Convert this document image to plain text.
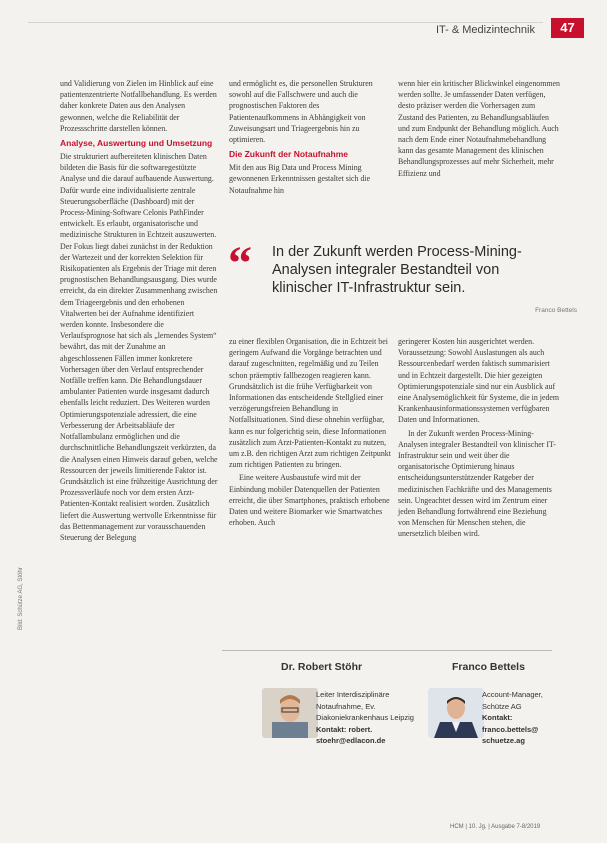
IT- & Medizintechnik	47

und Validierung von Zielen im Hinblick auf eine patientenzentrierte Notfallbehandlung. Es werden daher konkrete Daten aus den Analysen gewonnen, welche die Reliabilität der Prozessschritte darstellen können.

Analyse, Auswertung und Umsetzung

Die strukturiert aufbereiteten klinischen Daten bildeten die Basis für die softwaregestützte Analyse und die darauf aufbauende Auswertung. Dafür wurde eine individualisierte zentrale Steuerungsoberfläche (Dashboard) mit der Process-Mining-Software Celonis PathFinder entwickelt. Es erlaubt, organisatorische und medizinische Strukturen in Echtzeit auszuwerten. Der Fokus liegt dabei zunächst in der Reduktion der Wartezeit und der korrekten Selektion für Risikopatienten als Ergebnis der Triage mit deren prognostischen Behandlungsausgang. Dies wurde erreicht, da ein direkter Zusammenhang zwischen dem Triageergebnis und den erhobenen Vitalwerten bei der Aufnahme identifiziert werden konnte. Insbesondere die Verlaufsprognose hat sich als „lernendes System“ bewährt, das mit der Zunahme an abgeschlossenen Fällen immer konkretere Vorhersagen über den Verlauf entsprechender Notfälle treffen kann. Die Behandlungsdauer ambulanter Patienten wurde insgesamt dadurch ebenfalls leicht reduziert. Des Weiteren wurden Optimierungspotenziale adressiert, die eine Verbesserung der Arbeitsabläufe der Notfallambulanz ermöglichen und die durchschnittliche Behandlungszeit verkürzten, da die Analysen einen Hinweis darauf geben, welche Ressourcen der jeweils limitierende Faktor ist. Grundsätzlich ist eine frühzeitige Ausrichtung der Prozessverläufe noch vor dem ersten Arzt-Patienten-Kontakt realisiert worden. Zusätzlich liefert die Auswertung wertvolle Erkenntnisse für das Bettenmanagement zur vorausschauenden Steuerung der Belegung

und ermöglicht es, die personellen Strukturen sowohl auf die Fallschwere und auch die prognostischen Faktoren des Patientenaufkommens in Abhängigkeit von Zuweisungsart und Triageergebnis hin zu optimieren.

Die Zukunft der Notaufnahme

Mit den aus Big Data und Process Mining gewonnenen Erkenntnissen gestaltet sich die Notaufnahme hin

wenn hier ein kritischer Blickwinkel eingenommen werden sollte. Je umfassender Daten verfügen, desto präziser werden die Vorhersagen zum Zustand des Patienten, zu Behandlungsabläufen und zum Endpunkt der Behandlung möglich. Auch nach dem Ende einer Notaufnahmebehandlung kann das gesamte Management des klinischen Behandlungsprozesses auf mehr Sicherheit, mehr Effizienz und

“ In der Zukunft werden Process-Mining-Analysen integraler Bestandteil von klinischer IT-Infrastruktur sein.
Franco Bettels

zu einer flexiblen Organisation, die in Echtzeit bei geringem Aufwand die Vorgänge betrachten und darauf zugeschnitten, regelmäßig und zu Teilen schon präemptiv fallbezogen reagieren kann. Grundsätzlich ist die frühe Verfügbarkeit von Informationen das entscheidende Stellglied einer verzögerungsfreien Behandlung in Notfallsituationen. Sind diese ohnehin verfügbar, kann es nur folgerichtig sein, diese Informationen zusätzlich zum Arzt-Patienten-Kontakt zu nutzen, um z.B. den richtigen Arzt zum richtigen Zeitpunkt zum richtigen Patienten zu bringen.

Eine weitere Ausbaustufe wird mit der Einbindung mobiler Datenquellen der Patienten erreicht, die über Smartphones, praktisch erhobene Daten und weitere Biomarker wie Smartwatches erhoben. Auch

geringerer Kosten hin ausgerichtet werden. Voraussetzung: Sowohl Auslastungen als auch Ressourcenbedarf werden faktisch summarisiert und in Echtzeit dargestellt. Die hier gezeigten Optimierungspotenziale sind nur ein Ausblick auf eine Analysemöglichkeit für Systeme, die in jedem Krankenhausinformationssystemen verfügbaren Daten und Informationen.

In der Zukunft werden Process-Mining-Analysen integraler Bestandteil von klinischer IT-Infrastruktur sein und weit über die organisatorische Optimierung hinaus entscheidungsunterstützender Ratgeber der medizinischen Fachkräfte und des Managements sein. Ungeachtet dessen wird im Zentrum einer jeden Behandlung fortwährend eine Beziehung von Menschen für Menschen stehen, die unersetzlich bleiben wird.

Dr. Robert Stöhr
Leiter Interdisziplinäre Notaufnahme, Ev. Diakoniekrankenhaus Leipzig
Kontakt: robert.
stoehr@edlacon.de
Franco Bettels
Account-Manager, Schütze AG
Kontakt:
franco.bettels@
schuetze.ag
Bild: Schütze AG, Stöhr
HCM | 10. Jg. | Ausgabe 7-8/2019
